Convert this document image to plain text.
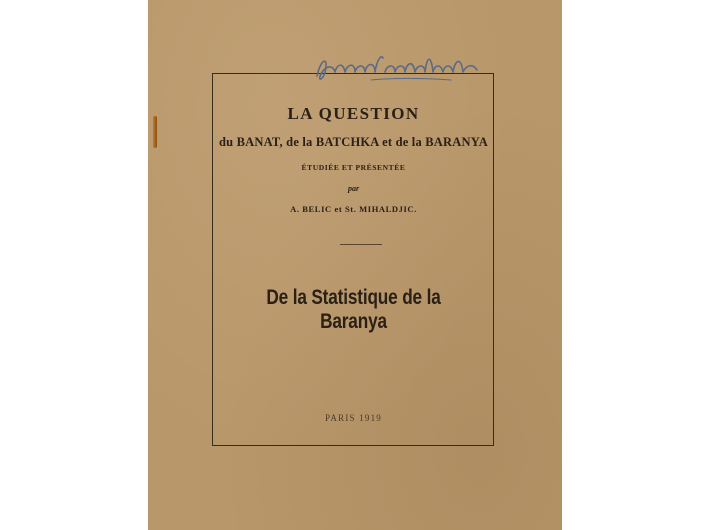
LA QUESTION

du BANAT, de la BATCHKA et de la BARANYA

ÉTUDIÉE ET PRÉSENTÉE

par

A. BELIC et St. MIHALDJIC.

De la Statistique de la Baranya

PARIS 1919
